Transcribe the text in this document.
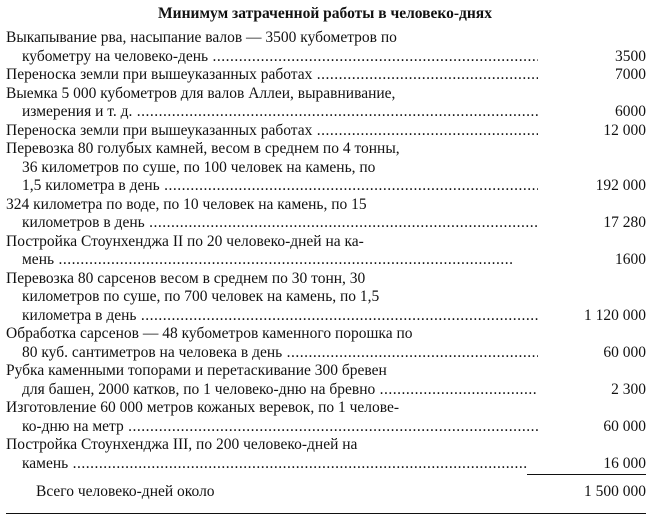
Минимум затраченной работы в человеко-днях
Выкапывание рва, насыпание валов — 3500 кубометров по
кубометру на человеко-день .....	3500
Переноска земли при вышеуказанных работах .....	7000
Выемка 5 000 кубометров для валов Аллеи, выравнивание,
измерения и т. д. .....	6000
Переноска земли при вышеуказанных работах .....	12 000
Перевозка 80 голубых камней, весом в среднем по 4 тонны,
36 километров по суше, по 100 человек на камень, по
1,5 километра в день .....	192 000
324 километра по воде, по 10 человек на камень, по 15
километров в день .....	17 280
Постройка Стоунхенджа II по 20 человеко-дней на ка-
мень .....	1600
Перевозка 80 сарсенов весом в среднем по 30 тонн, 30
километров по суше, по 700 человек на камень, по 1,5
километра в день .....	1 120 000
Обработка сарсенов — 48 кубометров каменного порошка по
80 куб. сантиметров на человека в день .....	60 000
Рубка каменными топорами и перетаскивание 300 бревен
для башен, 2000 катков, по 1 человеко-дню на бревно .....	2 300
Изготовление 60 000 метров кожаных веревок, по 1 челове-
ко-дню на метр .....	60 000
Постройка Стоунхенджа III, по 200 человеко-дней на
камень .....	16 000
Всего человеко-дней около	1 500 000
